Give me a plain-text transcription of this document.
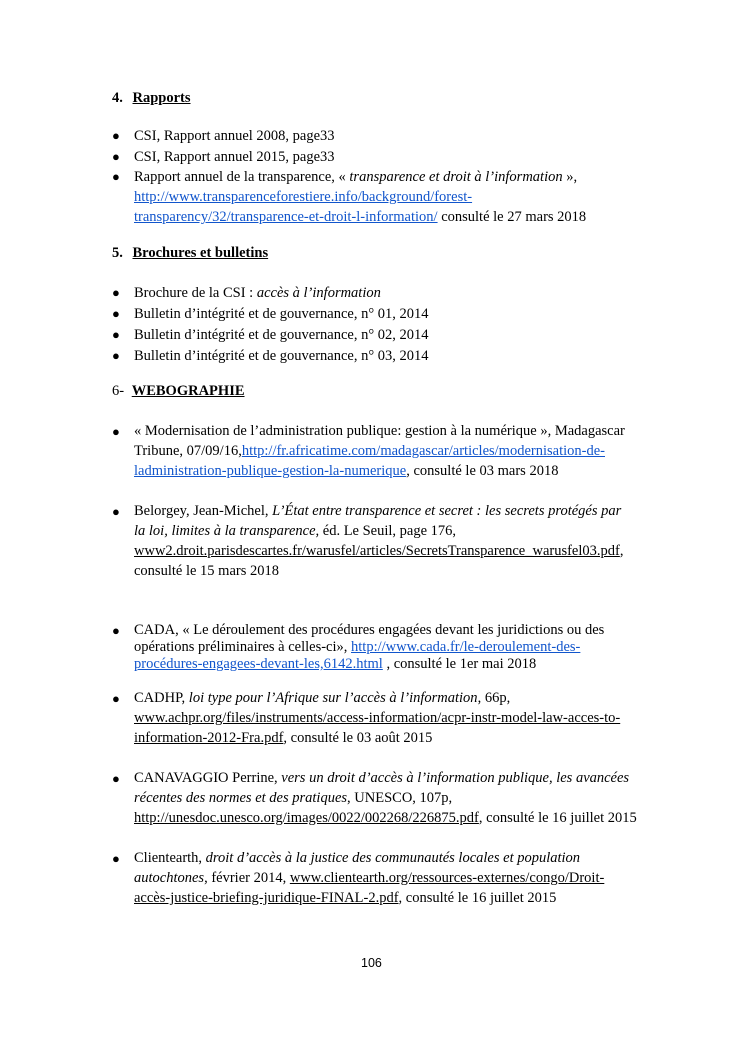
4. Rapports
● CSI, Rapport annuel 2008, page33
● CSI, Rapport annuel 2015, page33
● Rapport annuel de la transparence, « transparence et droit à l’information »,
http://www.transparenceforestiere.info/background/forest-
transparency/32/transparence-et-droit-l-information/ consulté le 27 mars 2018
5. Brochures et bulletins
● Brochure de la CSI : accès à l’information
● Bulletin d’intégrité et de gouvernance, n° 01, 2014
● Bulletin d’intégrité et de gouvernance, n° 02, 2014
● Bulletin d’intégrité et de gouvernance, n° 03, 2014
6- WEBOGRAPHIE
● « Modernisation de l’administration publique: gestion à la numérique », Madagascar
Tribune, 07/09/16,http://fr.africatime.com/madagascar/articles/modernisation-de-
ladministration-publique-gestion-la-numerique, consulté le 03 mars 2018
● Belorgey, Jean-Michel, L’État entre transparence et secret : les secrets protégés par
la loi, limites à la transparence, éd. Le Seuil, page 176,
www2.droit.parisdescartes.fr/warusfel/articles/SecretsTransparence_warusfel03.pdf,
consulté le 15 mars 2018
● CADA, « Le déroulement des procédures engagées devant les juridictions ou des
opérations préliminaires à celles-ci», http://www.cada.fr/le-deroulement-des-
procédures-engagees-devant-les,6142.html , consulté le 1er mai 2018
● CADHP, loi type pour l’Afrique sur l’accès à l’information, 66p,
www.achpr.org/files/instruments/access-information/acpr-instr-model-law-acces-to-
information-2012-Fra.pdf, consulté le 03 août 2015
● CANAVAGGIO Perrine, vers un droit d’accès à l’information publique, les avancées
récentes des normes et des pratiques, UNESCO, 107p,
http://unesdoc.unesco.org/images/0022/002268/226875.pdf, consulté le 16 juillet 2015
● Clientearth, droit d’accès à la justice des communautés locales et population
autochtones, février 2014, www.clientearth.org/ressources-externes/congo/Droit-
accès-justice-briefing-juridique-FINAL-2.pdf, consulté le 16 juillet 2015
106
